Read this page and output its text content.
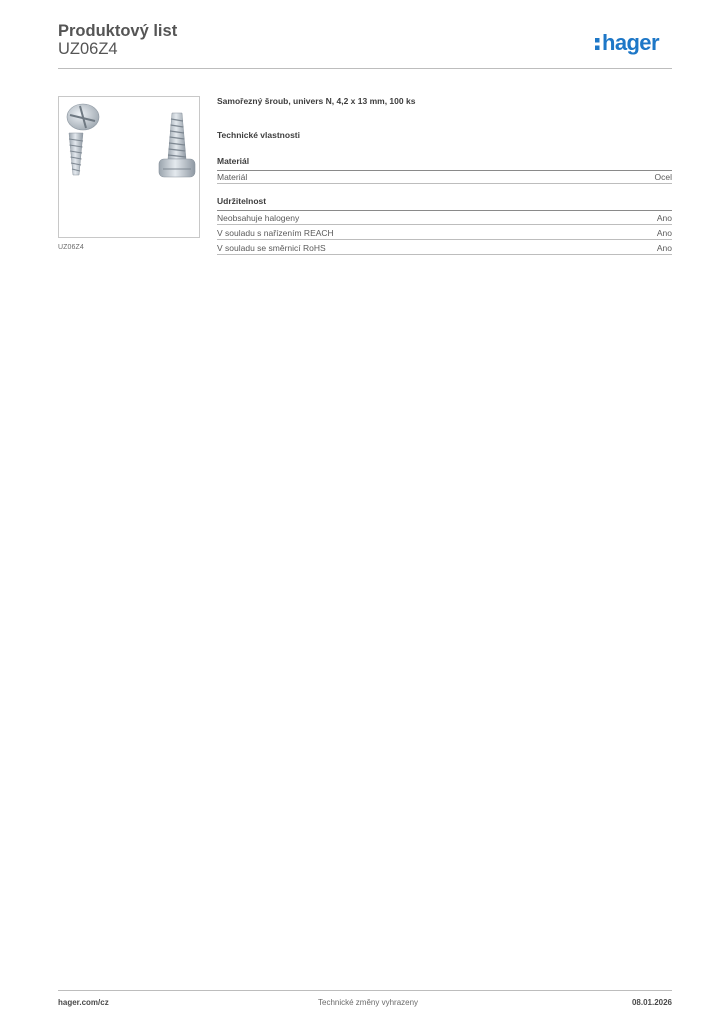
Produktový list
UZ06Z4	hager
UZ06Z4
Samořezný šroub, univers N, 4,2 x 13 mm, 100 ks
Technické vlastnosti
Materiál
Materiál	Ocel
Udržitelnost
Neobsahuje halogeny	Ano
V souladu s nařízením REACH	Ano
V souladu se směrnicí RoHS	Ano
hager.com/cz	Technické změny vyhrazeny	08.01.2026
